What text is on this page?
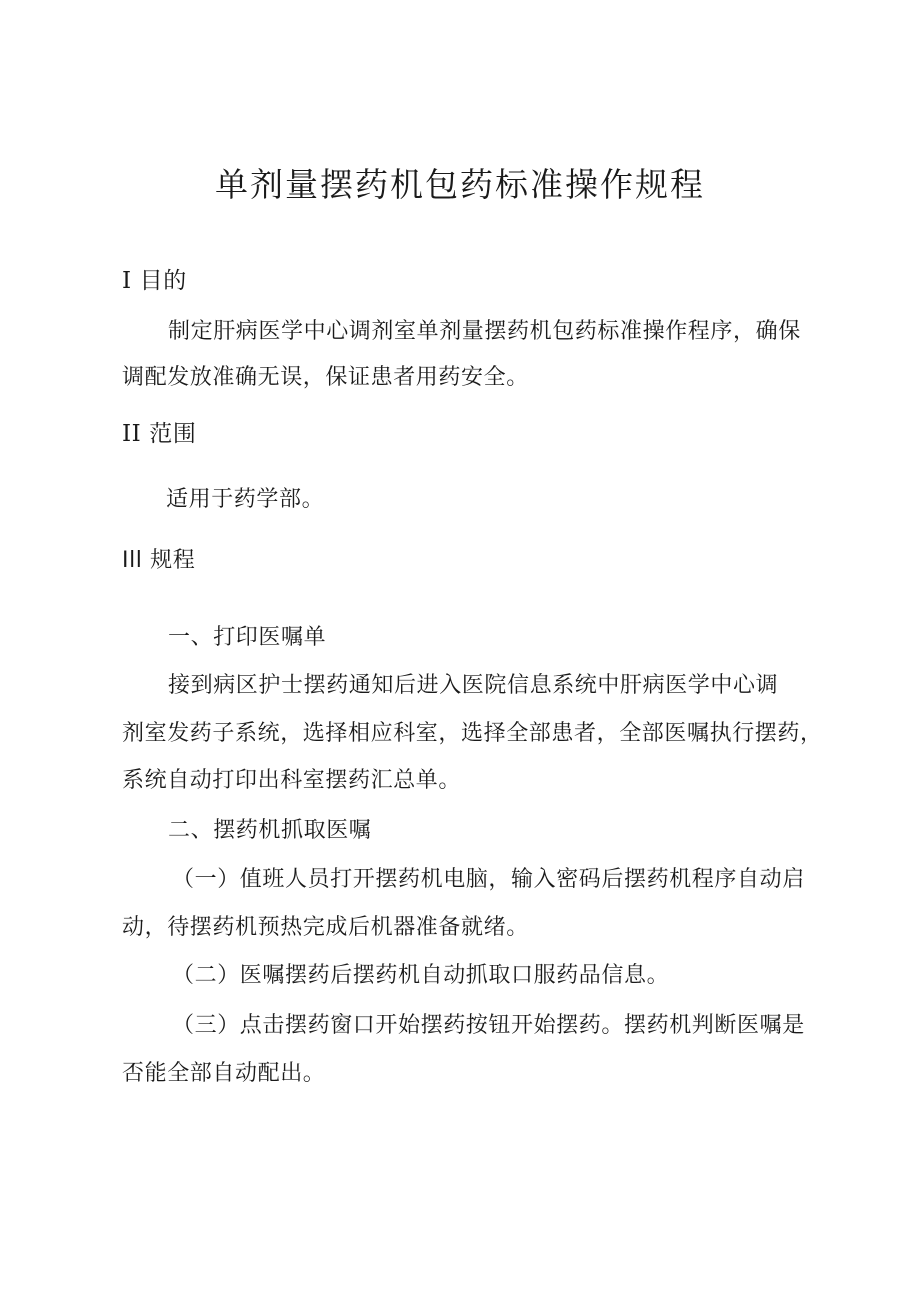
单剂量摆药机包药标准操作规程

I 目的

制定肝病医学中心调剂室单剂量摆药机包药标准操作程序，确保

调配发放准确无误，保证患者用药安全。

II 范围

适用于药学部。

Ill 规程

一、打印医嘱单

接到病区护士摆药通知后进入医院信息系统中肝病医学中心调

剂室发药子系统，选择相应科室，选择全部患者，全部医嘱执行摆药，

系统自动打印出科室摆药汇总单。

二、摆药机抓取医嘱

（一）值班人员打开摆药机电脑，输入密码后摆药机程序自动启

动，待摆药机预热完成后机器准备就绪。

（二）医嘱摆药后摆药机自动抓取口服药品信息。

（三）点击摆药窗口开始摆药按钮开始摆药。摆药机判断医嘱是

否能全部自动配出。
